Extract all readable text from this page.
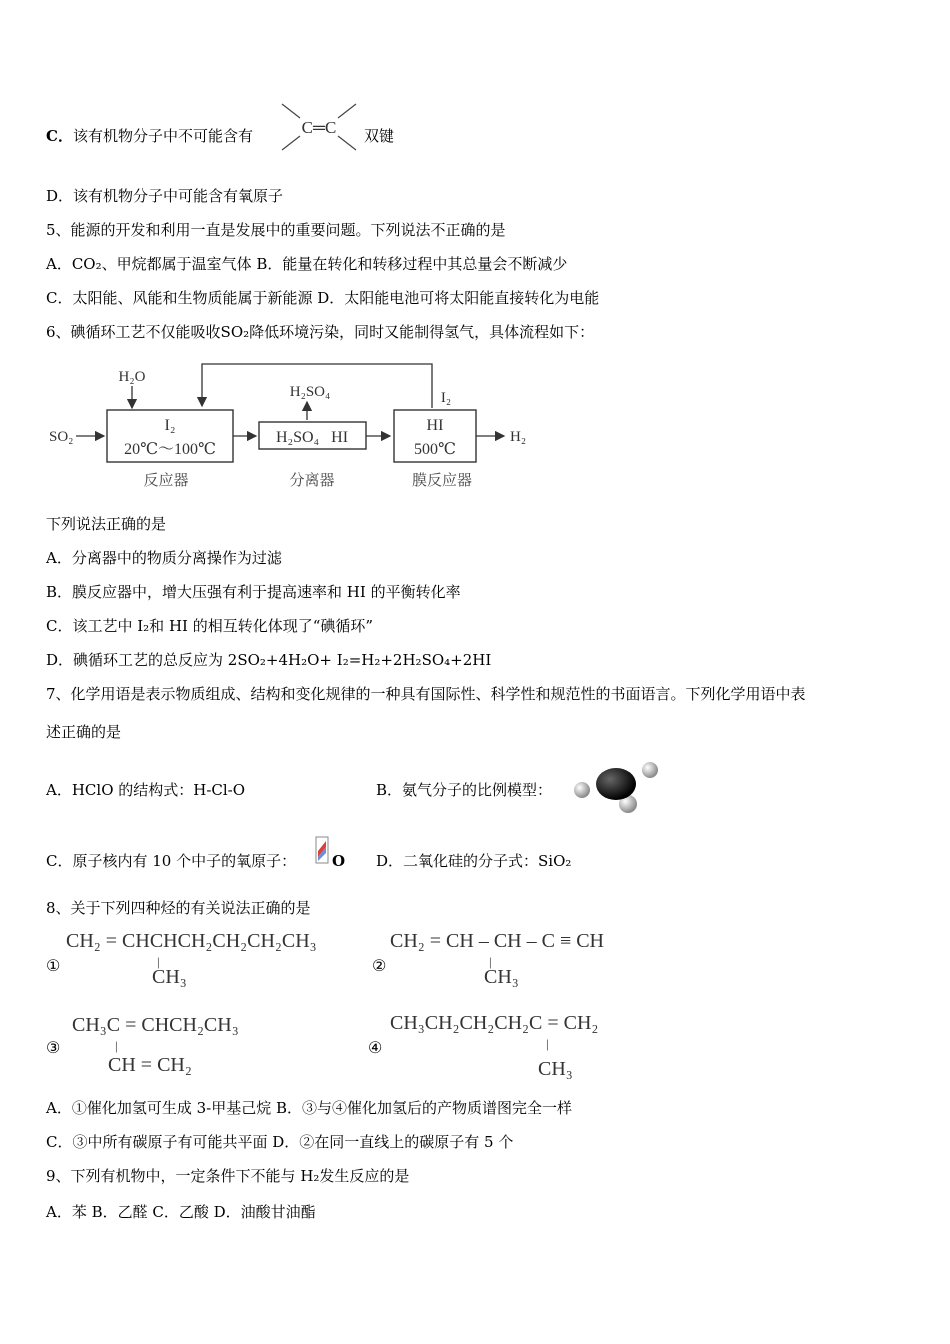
C．该有机物分子中不可能含有	C═C 双键
D．该有机物分子中可能含有氧原子
5、能源的开发和利用一直是发展中的重要问题。下列说法不正确的是
A．CO₂、甲烷都属于温室气体 B．能量在转化和转移过程中其总量会不断减少
C．太阳能、风能和生物质能属于新能源 D．太阳能电池可将太阳能直接转化为电能
6、碘循环工艺不仅能吸收SO₂降低环境污染，同时又能制得氢气，具体流程如下：
H₂O
I₂
SO₂
I₂
20℃～100℃
反应器
H₂SO₄   HI
分离器
H₂SO₄
HI
500℃
膜反应器
H₂
下列说法正确的是
A．分离器中的物质分离操作为过滤
B．膜反应器中，增大压强有利于提高速率和 HI 的平衡转化率
C．该工艺中 I₂和 HI 的相互转化体现了“碘循环”
D．碘循环工艺的总反应为 2SO₂+4H₂O+ I₂=H₂+2H₂SO₄+2HI
7、化学用语是表示物质组成、结构和变化规律的一种具有国际性、科学性和规范性的书面语言。下列化学用语中表
述正确的是
A．HClO 的结构式：H-Cl-O	B．氨气分子的比例模型：
C．原子核内有 10 个中子的氧原子： O D．二氧化硅的分子式：SiO₂
8、关于下列四种烃的有关说法正确的是
①
CH₂ = CHCHCH₂CH₂CH₂CH₃
|
CH₃
②
CH₂ = CH – CH – C ≡ CH
|
CH₃
③
CH₃C = CHCH₂CH₃
|
CH = CH₂
④
CH₃CH₂CH₂CH₂C = CH₂
|
CH₃
A．①催化加氢可生成 3-甲基己烷 B．③与④催化加氢后的产物质谱图完全一样
C．③中所有碳原子有可能共平面 D．②在同一直线上的碳原子有 5 个
9、下列有机物中，一定条件下不能与 H₂发生反应的是
A．苯 B．乙醛 C．乙酸 D．油酸甘油酯
